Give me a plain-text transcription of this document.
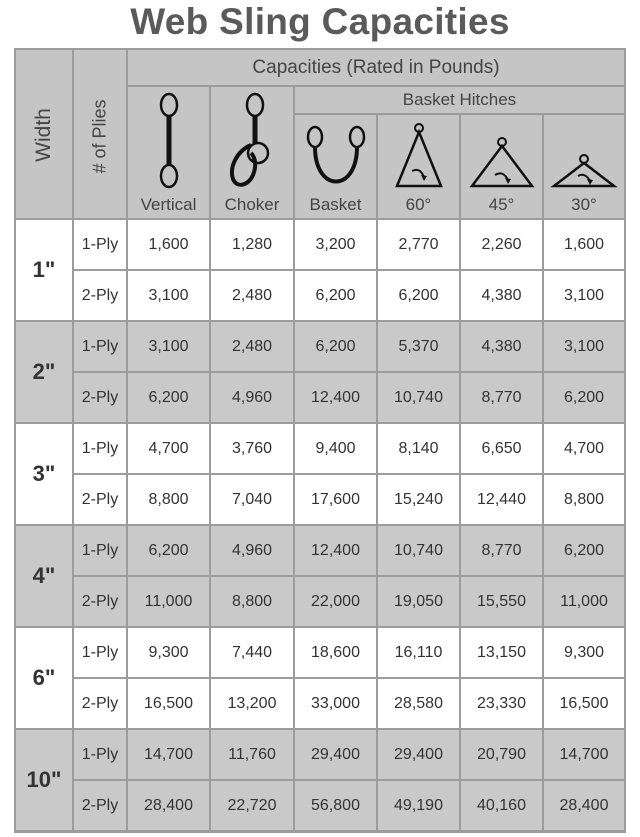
Web Sling Capacities
Width # of Plies
Capacities (Rated in Pounds)
Basket Hitches
Vertical	Choker	Basket	60°	45°	30°
1"
1-Ply	1,600	1,280	3,200	2,770	2,260	1,600
2-Ply	3,100	2,480	6,200	6,200	4,380	3,100
2"
1-Ply	3,100	2,480	6,200	5,370	4,380	3,100
2-Ply	6,200	4,960	12,400	10,740	8,770	6,200
3"
1-Ply	4,700	3,760	9,400	8,140	6,650	4,700
2-Ply	8,800	7,040	17,600	15,240	12,440	8,800
4"
1-Ply	6,200	4,960	12,400	10,740	8,770	6,200
2-Ply	11,000	8,800	22,000	19,050	15,550	11,000
6"
1-Ply	9,300	7,440	18,600	16,110	13,150	9,300
2-Ply	16,500	13,200	33,000	28,580	23,330	16,500
10"
1-Ply	14,700	11,760	29,400	29,400	20,790	14,700
2-Ply	28,400	22,720	56,800	49,190	40,160	28,400
